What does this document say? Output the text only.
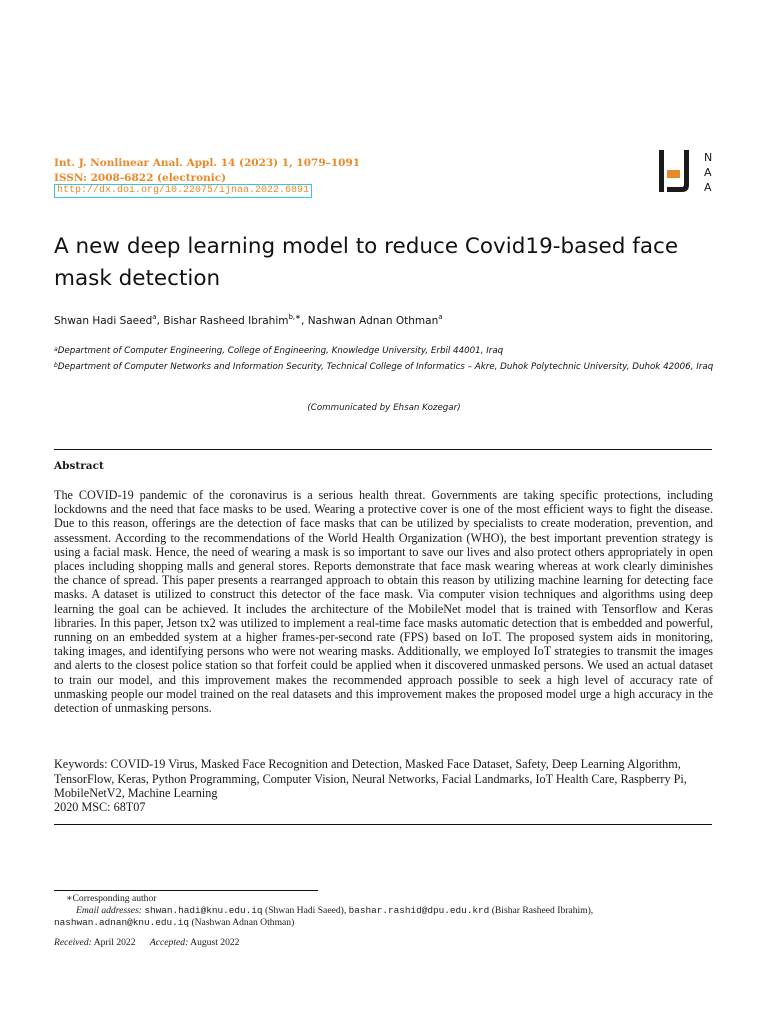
Int. J. Nonlinear Anal. Appl. 14 (2023) 1, 1079–1091
ISSN: 2008-6822 (electronic)
http://dx.doi.org/10.22075/ijnaa.2022.6891
N
A
A
A new deep learning model to reduce Covid19-based face mask detection
Shwan Hadi Saeed$^a$, Bishar Rasheed Ibrahim$^{b,∗}$, Nashwan Adnan Othman$^a$
$^a$Department of Computer Engineering, College of Engineering, Knowledge University, Erbil 44001, Iraq
$^b$Department of Computer Networks and Information Security, Technical College of Informatics – Akre, Duhok Polytechnic University, Duhok 42006, Iraq
(Communicated by Ehsan Kozegar)
Abstract
The COVID-19 pandemic of the coronavirus is a serious health threat. Governments are taking specific protections, including lockdowns and the need that face masks to be used. Wearing a protective cover is one of the most efficient ways to fight the disease. Due to this reason, offerings are the detection of face masks that can be utilized by specialists to create moderation, prevention, and assessment. According to the recommendations of the World Health Organization (WHO), the best important prevention strategy is using a facial mask. Hence, the need of wearing a mask is so important to save our lives and also protect others appropriately in open places including shopping malls and general stores. Reports demonstrate that face mask wearing whereas at work clearly diminishes the chance of spread. This paper presents a rearranged approach to obtain this reason by utilizing machine learning for detecting face masks. A dataset is utilized to construct this detector of the face mask. Via computer vision techniques and algorithms using deep learning the goal can be achieved. It includes the architecture of the MobileNet model that is trained with Tensorflow and Keras libraries. In this paper, Jetson tx2 was utilized to implement a real-time face masks automatic detection that is embedded and powerful, running on an embedded system at a higher frames-per-second rate (FPS) based on IoT. The proposed system aids in monitoring, taking images, and identifying persons who were not wearing masks. Additionally, we employed IoT strategies to transmit the images and alerts to the closest police station so that forfeit could be applied when it discovered unmasked persons. We used an actual dataset to train our model, and this improvement makes the recommended approach possible to seek a high level of accuracy rate of unmasking people our model trained on the real datasets and this improvement makes the proposed model urge a high accuracy in the detection of unmasking persons.
Keywords: COVID-19 Virus, Masked Face Recognition and Detection, Masked Face Dataset, Safety, Deep Learning Algorithm, TensorFlow, Keras, Python Programming, Computer Vision, Neural Networks, Facial Landmarks, IoT Health Care, Raspberry Pi, MobileNetV2, Machine Learning
2020 MSC: 68T07
∗Corresponding author
Email addresses: shwan.hadi@knu.edu.iq (Shwan Hadi Saeed), bashar.rashid@dpu.edu.krd (Bishar Rasheed Ibrahim),
nashwan.adnan@knu.edu.iq (Nashwan Adnan Othman)
Received: April 2022 Accepted: August 2022
